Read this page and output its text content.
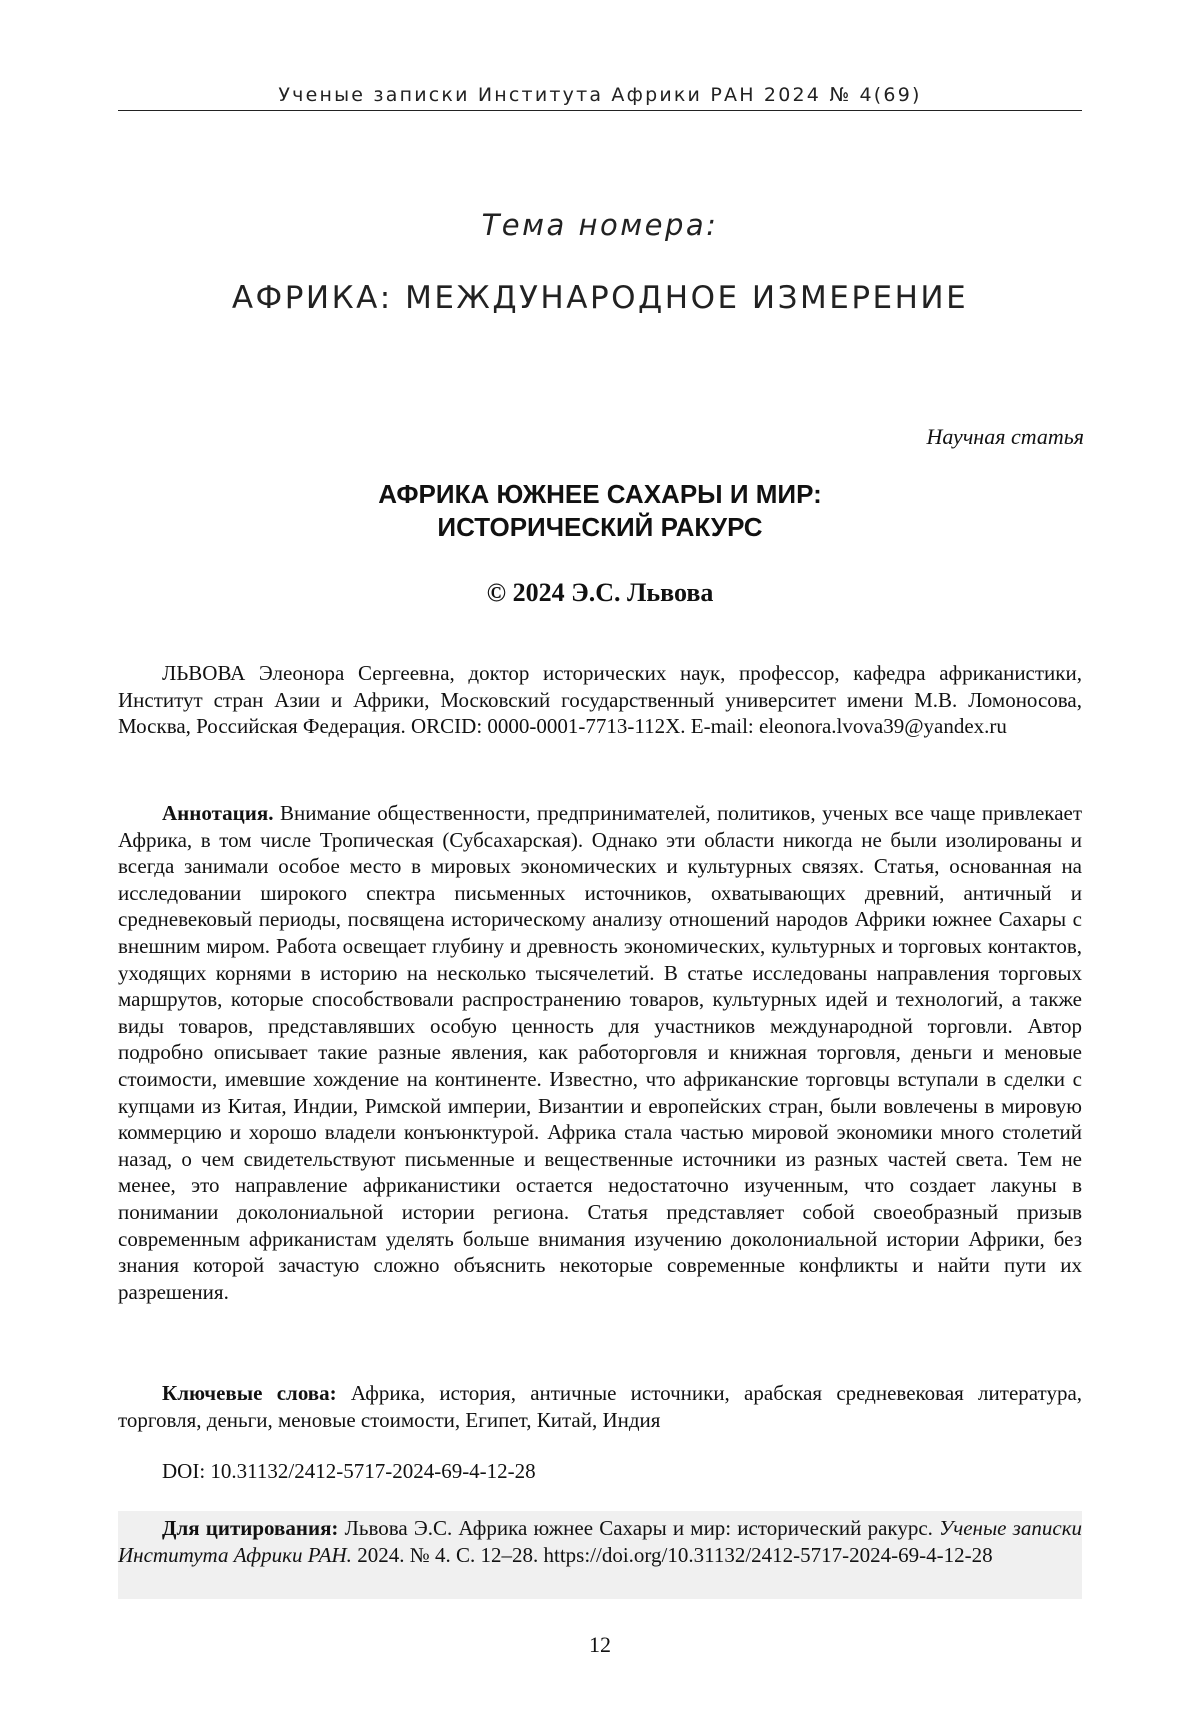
Ученые записки Института Африки РАН 2024 № 4(69)
Тема номера:
АФРИКА: МЕЖДУНАРОДНОЕ ИЗМЕРЕНИЕ
Научная статья
АФРИКА ЮЖНЕЕ САХАРЫ И МИР:
ИСТОРИЧЕСКИЙ РАКУРС
© 2024 Э.С. Львова
ЛЬВОВА Элеонора Сергеевна, доктор исторических наук, профессор, кафедра африканистики, Институт стран Азии и Африки, Московский государственный университет имени М.В. Ломоносова, Москва, Российская Федерация. ORCID: 0000-0001-7713-112X. E-mail: eleonora.lvova39@yandex.ru
Аннотация. Внимание общественности, предпринимателей, политиков, ученых все чаще привлекает Африка, в том числе Тропическая (Субсахарская). Однако эти области никогда не были изолированы и всегда занимали особое место в мировых экономических и культурных связях. Статья, основанная на исследовании широкого спектра письменных источников, охватывающих древний, античный и средневековый периоды, посвящена историческому анализу отношений народов Африки южнее Сахары с внешним миром. Работа освещает глубину и древность экономических, культурных и торговых контактов, уходящих корнями в историю на несколько тысячелетий. В статье исследованы направления торговых маршрутов, которые способствовали распространению товаров, культурных идей и технологий, а также виды товаров, представлявших особую ценность для участников международной торговли. Автор подробно описывает такие разные явления, как работорговля и книжная торговля, деньги и меновые стоимости, имевшие хождение на континенте. Известно, что африканские торговцы вступали в сделки с купцами из Китая, Индии, Римской империи, Византии и европейских стран, были вовлечены в мировую коммерцию и хорошо владели конъюнктурой. Африка стала частью мировой экономики много столетий назад, о чем свидетельствуют письменные и вещественные источники из разных частей света. Тем не менее, это направление африканистики остается недостаточно изученным, что создает лакуны в понимании доколониальной истории региона. Статья представляет собой своеобразный призыв современным африканистам уделять больше внимания изучению доколониальной истории Африки, без знания которой зачастую сложно объяснить некоторые современные конфликты и найти пути их разрешения.
Ключевые слова: Африка, история, античные источники, арабская средневековая литература, торговля, деньги, меновые стоимости, Египет, Китай, Индия
DOI: 10.31132/2412-5717-2024-69-4-12-28
Для цитирования: Львова Э.С. Африка южнее Сахары и мир: исторический ракурс. Ученые записки Института Африки РАН. 2024. № 4. С. 12–28. https://doi.org/10.31132/2412-5717-2024-69-4-12-28
12
